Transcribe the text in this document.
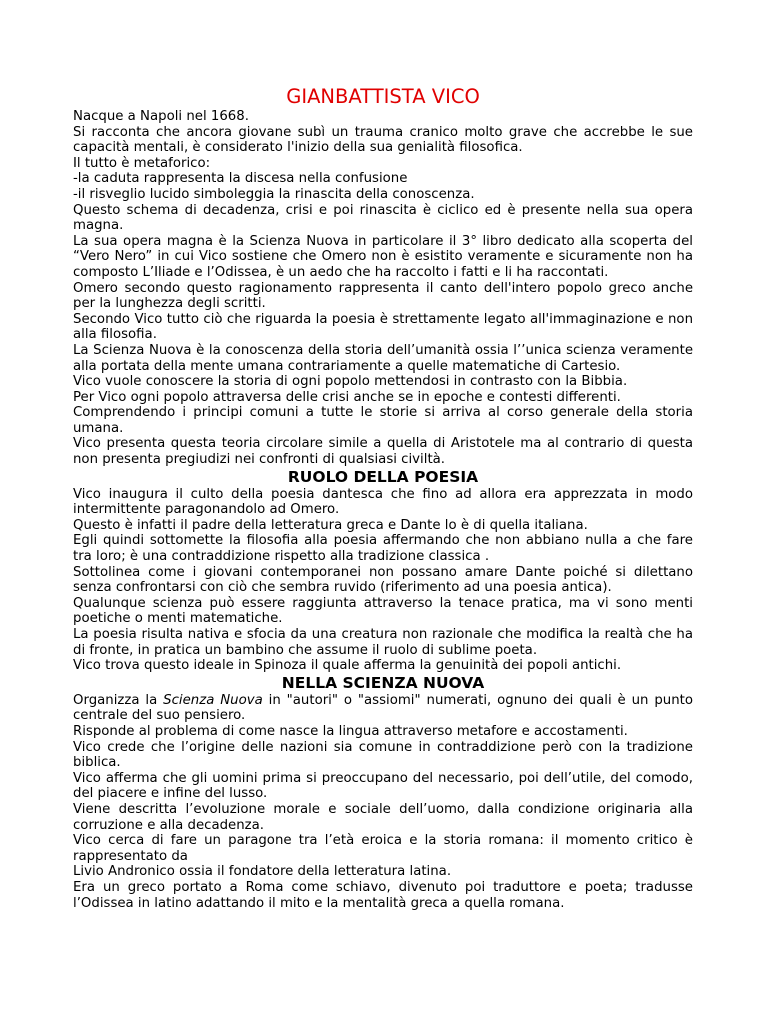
GIANBATTISTA VICO

Nacque a Napoli nel 1668.

Si racconta che ancora giovane subì un trauma cranico molto grave che accrebbe le sue capacità mentali, è considerato l'inizio della sua genialità filosofica.

Il tutto è metaforico:

-la caduta rappresenta la discesa nella confusione

-il risveglio lucido simboleggia la rinascita della conoscenza.

Questo schema di decadenza, crisi e poi rinascita è ciclico ed è presente nella sua opera magna.

La sua opera magna è la Scienza Nuova in particolare il 3° libro dedicato alla scoperta del “Vero Nero” in cui Vico sostiene che Omero non è esistito veramente e sicuramente non ha composto L’Iliade e l’Odissea, è un aedo che ha raccolto i fatti e li ha raccontati.

Omero secondo questo ragionamento rappresenta il canto dell'intero popolo greco anche per la lunghezza degli scritti.

Secondo Vico tutto ciò che riguarda la poesia è strettamente legato all'immaginazione e non alla filosofia.

La Scienza Nuova è la conoscenza della storia dell’umanità ossia l’’unica scienza veramente alla portata della mente umana contrariamente a quelle matematiche di Cartesio.

Vico vuole conoscere la storia di ogni popolo mettendosi in contrasto con la Bibbia.

Per Vico ogni popolo attraversa delle crisi anche se in epoche e contesti differenti.

Comprendendo i principi comuni a tutte le storie si arriva al corso generale della storia umana.

Vico presenta questa teoria circolare simile a quella di Aristotele ma al contrario di questa non presenta pregiudizi nei confronti di qualsiasi civiltà.

RUOLO DELLA POESIA

Vico inaugura il culto della poesia dantesca che fino ad allora era apprezzata in modo intermittente paragonandolo ad Omero.

Questo è infatti il padre della letteratura greca e Dante lo è di quella italiana.

Egli quindi sottomette la filosofia alla poesia affermando che non abbiano nulla a che fare tra loro; è una contraddizione rispetto alla tradizione classica .

Sottolinea come i giovani contemporanei non possano amare Dante poiché si dilettano senza confrontarsi con ciò che sembra ruvido (riferimento ad una poesia antica).

Qualunque scienza può essere raggiunta attraverso la tenace pratica, ma vi sono menti poetiche o menti matematiche.

La poesia risulta nativa e sfocia da una creatura non razionale che modifica la realtà che ha di fronte, in pratica un bambino che assume il ruolo di sublime poeta.

Vico trova questo ideale in Spinoza il quale afferma la genuinità dei popoli antichi.

NELLA SCIENZA NUOVA

Organizza la Scienza Nuova in "autori" o "assiomi" numerati, ognuno dei quali è un punto centrale del suo pensiero.

Risponde al problema di come nasce la lingua attraverso metafore e accostamenti.

Vico crede che l’origine delle nazioni sia comune in contraddizione però con la tradizione biblica.

Vico afferma che gli uomini prima si preoccupano del necessario, poi dell’utile, del comodo, del piacere e infine del lusso.

Viene descritta l’evoluzione morale e sociale dell’uomo, dalla condizione originaria alla corruzione e alla decadenza.

Vico cerca di fare un paragone tra l’età eroica e la storia romana: il momento critico è rappresentato da

Livio Andronico ossia il fondatore della letteratura latina.

Era un greco portato a Roma come schiavo, divenuto poi traduttore e poeta; tradusse l’Odissea in latino adattando il mito e la mentalità greca a quella romana.
